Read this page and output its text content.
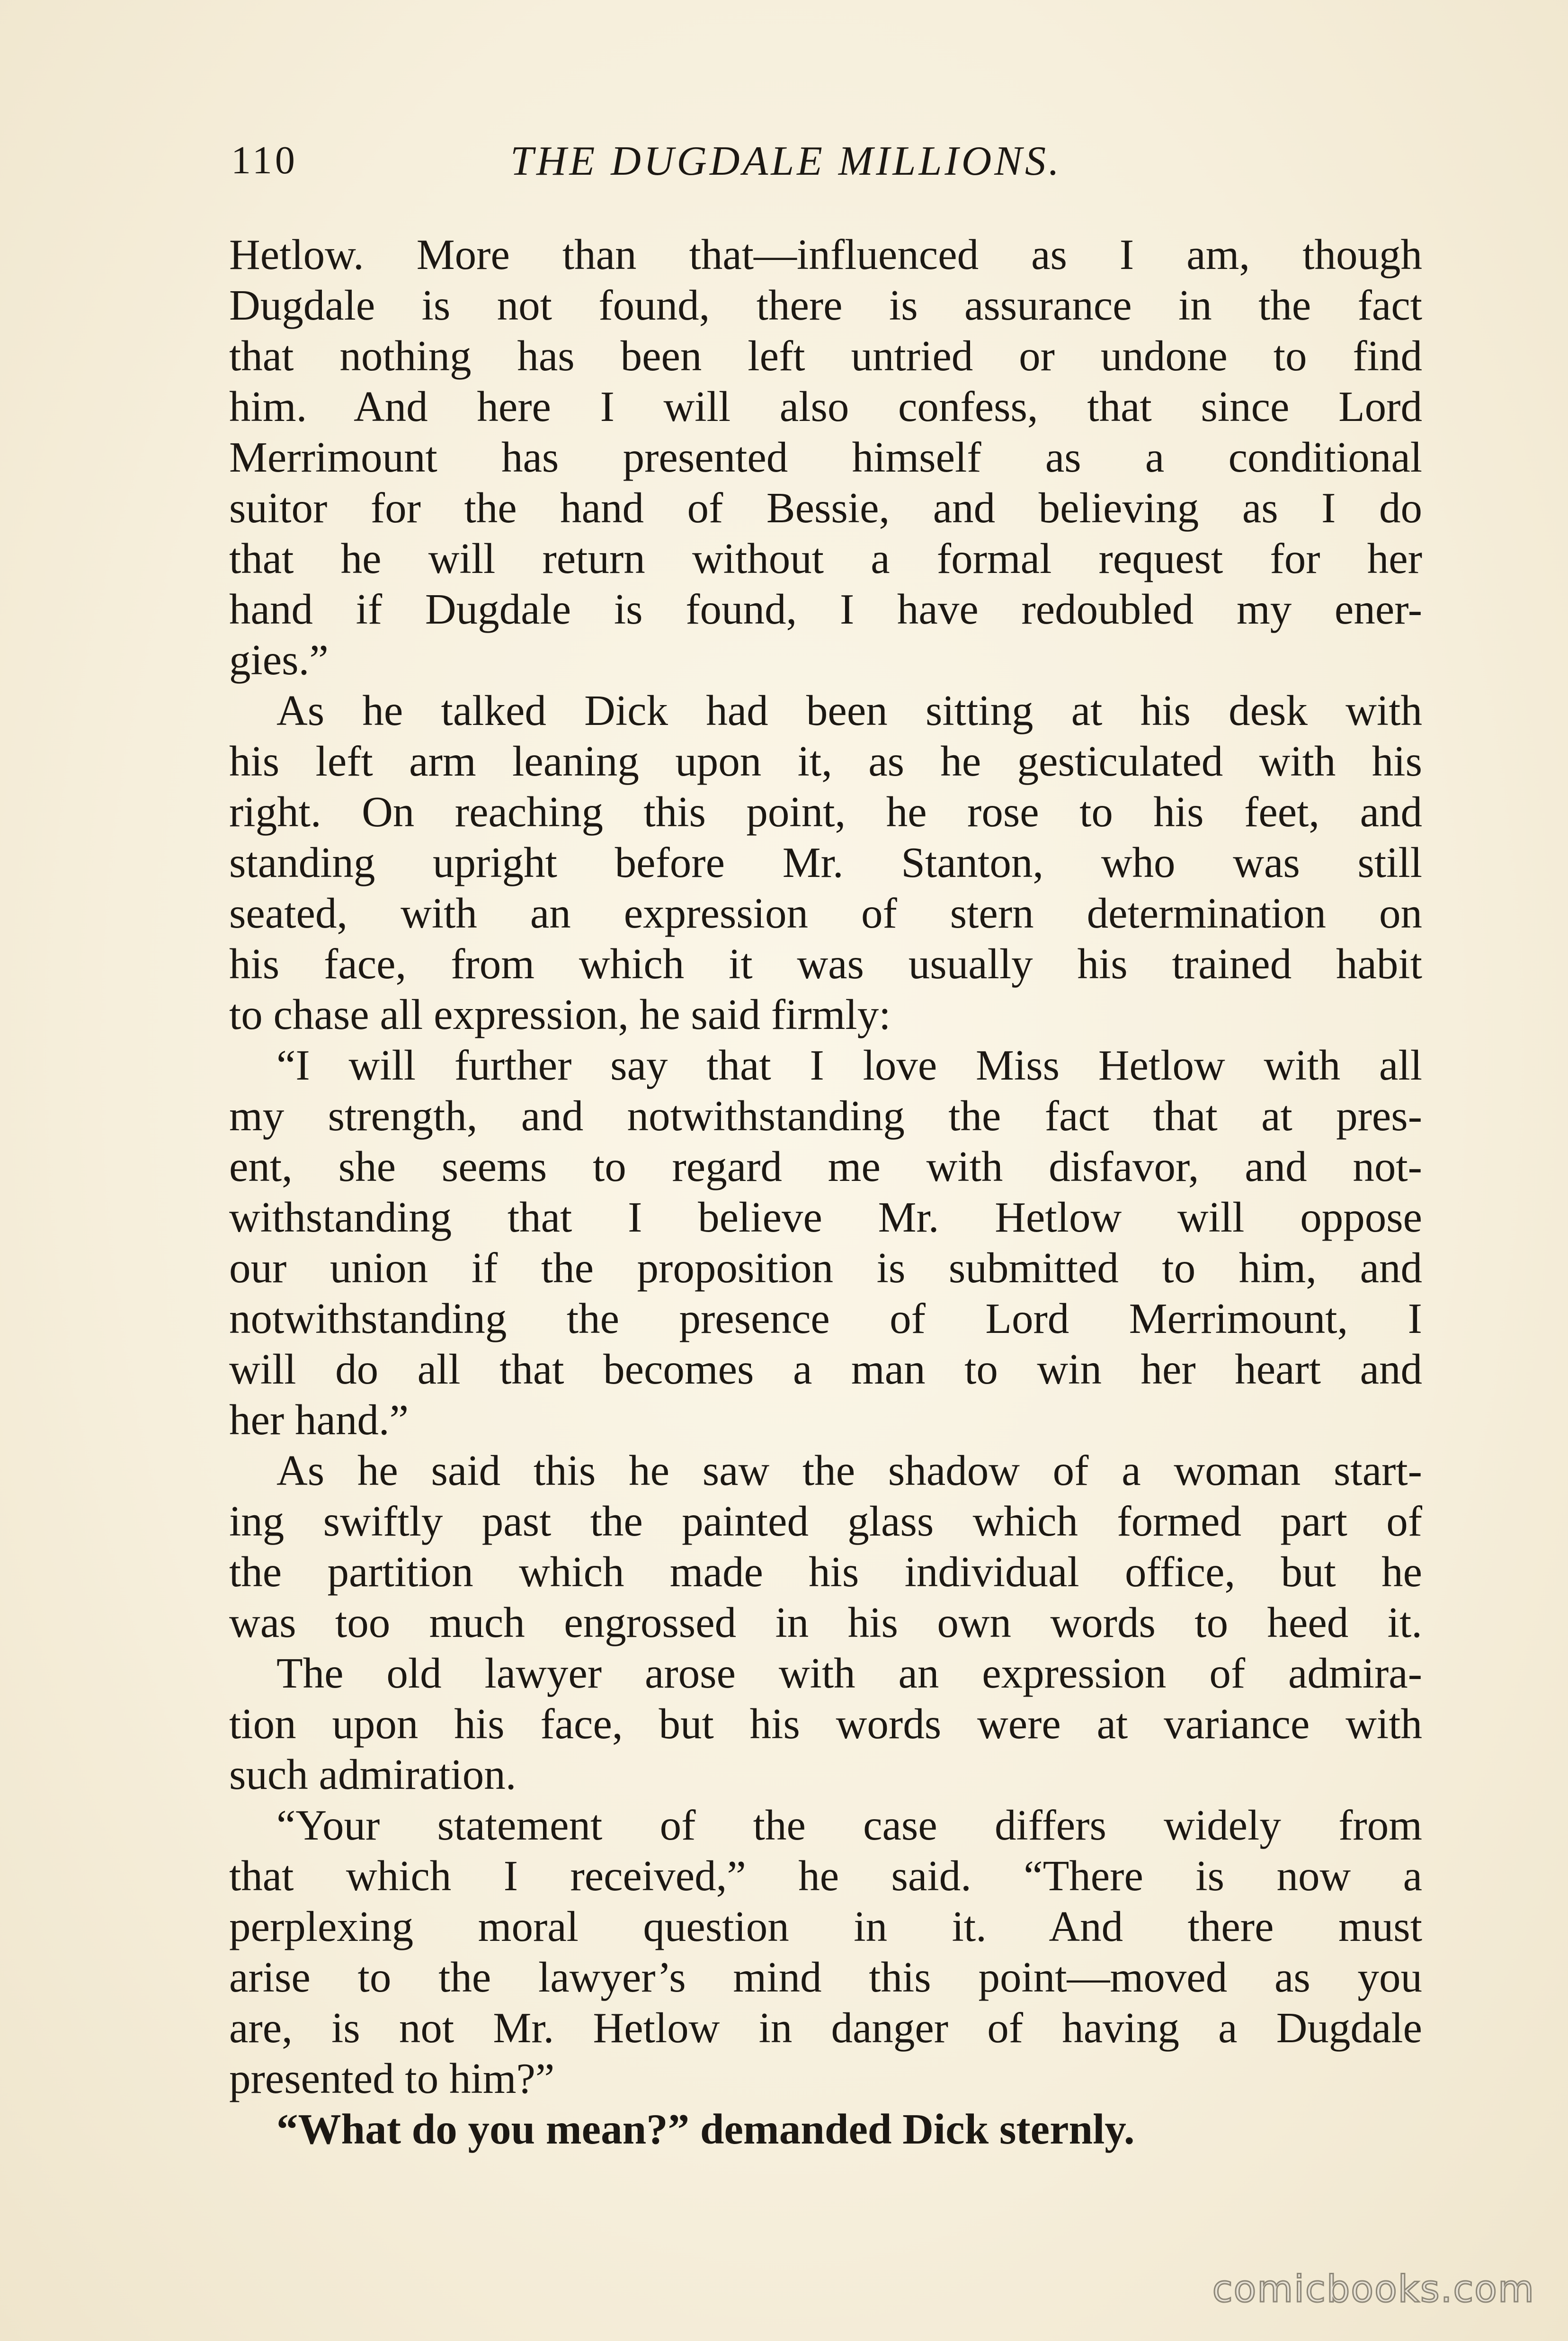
110	THE DUGDALE MILLIONS.
Hetlow. More than that—influenced as I am, though
Dugdale is not found, there is assurance in the fact
that nothing has been left untried or undone to find
him. And here I will also confess, that since Lord
Merrimount has presented himself as a conditional
suitor for the hand of Bessie, and believing as I do
that he will return without a formal request for her
hand if Dugdale is found, I have redoubled my ener-
gies.”
As he talked Dick had been sitting at his desk with
his left arm leaning upon it, as he gesticulated with his
right. On reaching this point, he rose to his feet, and
standing upright before Mr. Stanton, who was still
seated, with an expression of stern determination on
his face, from which it was usually his trained habit
to chase all expression, he said firmly:
“I will further say that I love Miss Hetlow with all
my strength, and notwithstanding the fact that at pres-
ent, she seems to regard me with disfavor, and not-
withstanding that I believe Mr. Hetlow will oppose
our union if the proposition is submitted to him, and
notwithstanding the presence of Lord Merrimount, I
will do all that becomes a man to win her heart and
her hand.”
As he said this he saw the shadow of a woman start-
ing swiftly past the painted glass which formed part of
the partition which made his individual office, but he
was too much engrossed in his own words to heed it.
The old lawyer arose with an expression of admira-
tion upon his face, but his words were at variance with
such admiration.
“Your statement of the case differs widely from
that which I received,” he said. “There is now a
perplexing moral question in it. And there must
arise to the lawyer’s mind this point—moved as you
are, is not Mr. Hetlow in danger of having a Dugdale
presented to him?”
“What do you mean?” demanded Dick sternly.
comicbooks.com
